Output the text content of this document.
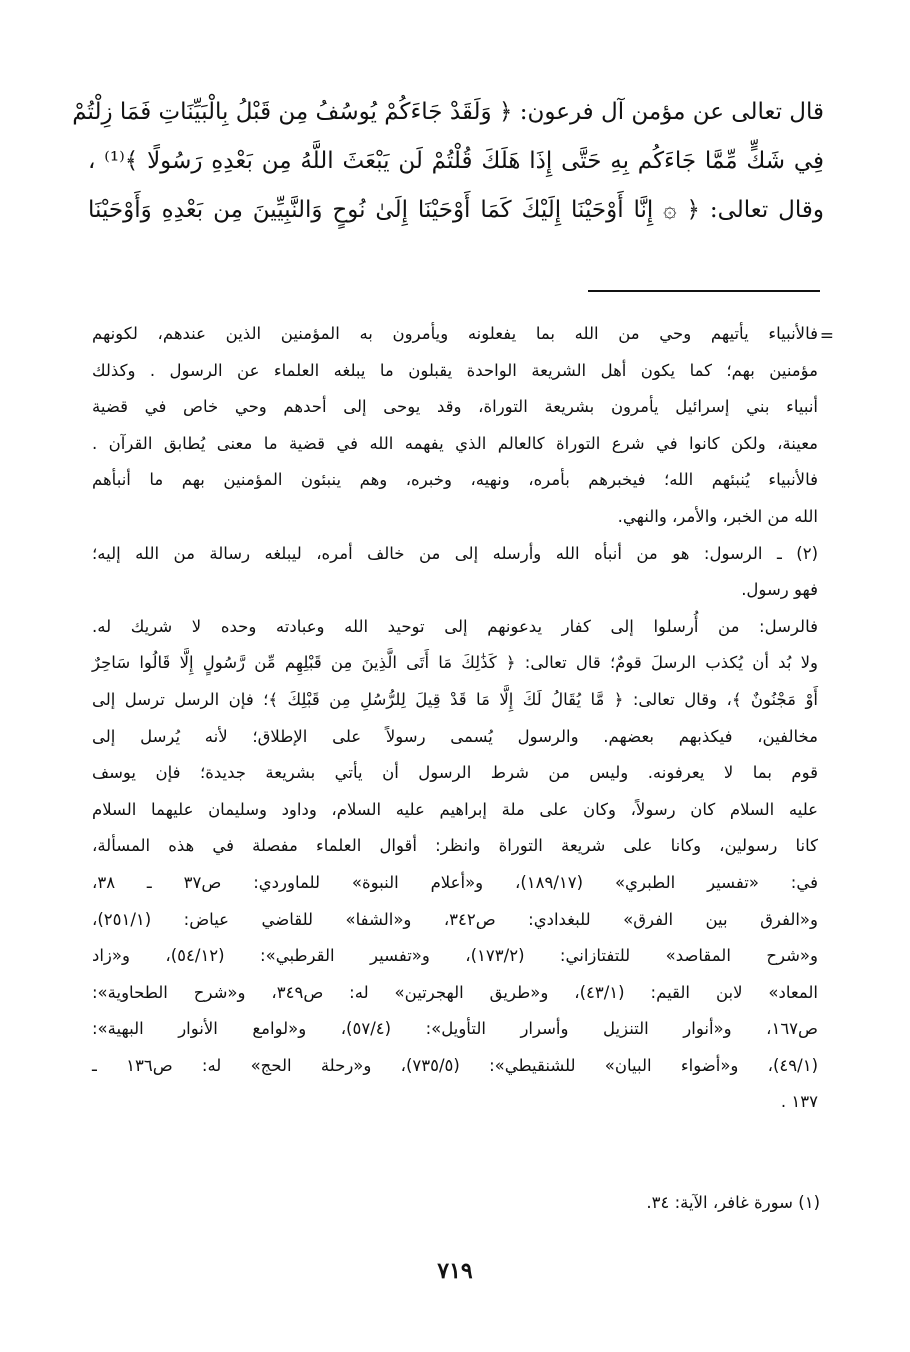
قال تعالى عن مؤمن آل فرعون: ﴿ وَلَقَدْ جَاءَكُمْ يُوسُفُ مِن قَبْلُ بِالْبَيِّنَاتِ فَمَا زِلْتُمْ
فِي شَكٍّ مِّمَّا جَاءَكُم بِهِ حَتَّى إِذَا هَلَكَ قُلْتُمْ لَن يَبْعَثَ اللَّهُ مِن بَعْدِهِ رَسُولًا ﴾⁽¹⁾ ،
وقال تعالى: ﴿ ۞ إِنَّا أَوْحَيْنَا إِلَيْكَ كَمَا أَوْحَيْنَا إِلَىٰ نُوحٍ وَالنَّبِيِّينَ مِن بَعْدِهِ وَأَوْحَيْنَا
=
فالأنبياء يأتيهم وحي من الله بما يفعلونه ويأمرون به المؤمنين الذين عندهم، لكونهم
مؤمنين بهم؛ كما يكون أهل الشريعة الواحدة يقبلون ما يبلغه العلماء عن الرسول . وكذلك
أنبياء بني إسرائيل يأمرون بشريعة التوراة، وقد يوحى إلى أحدهم وحي خاص في قضية
معينة، ولكن كانوا في شرع التوراة كالعالم الذي يفهمه الله في قضية ما معنى يُطابق القرآن .
فالأنبياء يُنبئهم الله؛ فيخبرهم بأمره، ونهيه، وخبره، وهم ينبئون المؤمنين بهم ما أنبأهم
الله من الخبر، والأمر، والنهي.
(٢) ـ الرسول: هو من أنبأه الله وأرسله إلى من خالف أمره، ليبلغه رسالة من الله إليه؛
فهو رسول.
فالرسل: من أُرسلوا إلى كفار يدعونهم إلى توحيد الله وعبادته وحده لا شريك له.
ولا بُد أن يُكذب الرسلَ قومٌ؛ قال تعالى: ﴿ كَذَٰلِكَ مَا أَتَى الَّذِينَ مِن قَبْلِهِم مِّن رَّسُولٍ إِلَّا قَالُوا سَاحِرٌ
أَوْ مَجْنُونٌ ﴾، وقال تعالى: ﴿ مَّا يُقَالُ لَكَ إِلَّا مَا قَدْ قِيلَ لِلرُّسُلِ مِن قَبْلِكَ ﴾؛ فإن الرسل ترسل إلى
مخالفين، فيكذبهم بعضهم. والرسول يُسمى رسولاً على الإطلاق؛ لأنه يُرسل إلى
قوم بما لا يعرفونه. وليس من شرط الرسول أن يأتي بشريعة جديدة؛ فإن يوسف
عليه السلام كان رسولاً، وكان على ملة إبراهيم عليه السلام، وداود وسليمان عليهما السلام
كانا رسولين، وكانا على شريعة التوراة وانظر: أقوال العلماء مفصلة في هذه المسألة،
في: «تفسير الطبري» (١٨٩/١٧)، و«أعلام النبوة» للماوردي: ص٣٧ ـ ٣٨،
و«الفرق بين الفرق» للبغدادي: ص٣٤٢، و«الشفا» للقاضي عياض: (٢٥١/١)،
و«شرح المقاصد» للتفتازاني: (١٧٣/٢)، و«تفسير القرطبي»: (٥٤/١٢)، و«زاد
المعاد» لابن القيم: (٤٣/١)، و«طريق الهجرتين» له: ص٣٤٩، و«شرح الطحاوية»:
ص١٦٧، و«أنوار التنزيل وأسرار التأويل»: (٥٧/٤)، و«لوامع الأنوار البهية»:
(٤٩/١)، و«أضواء البيان» للشنقيطي»: (٧٣٥/٥)، و«رحلة الحج» له: ص١٣٦ ـ
١٣٧ .
(١) سورة غافر، الآية: ٣٤.
٧١٩
